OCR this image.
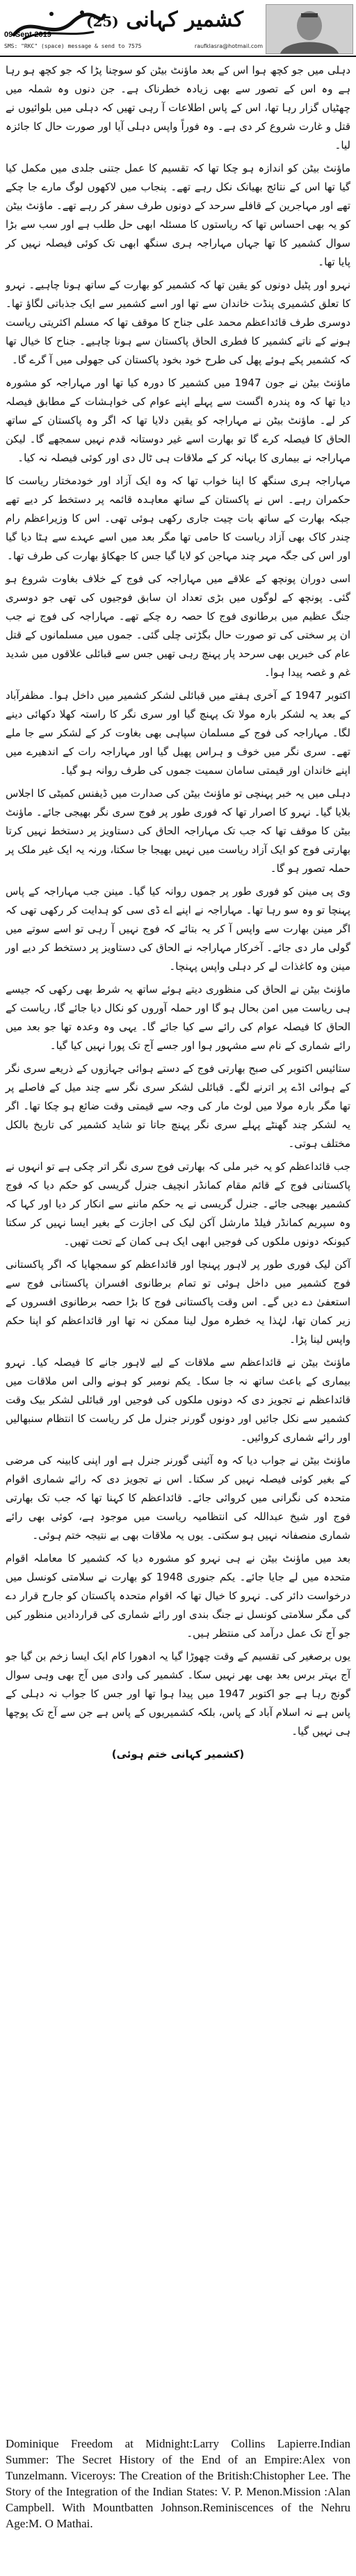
کشمیر کہانی (25)
SMS: "RKC" (space) message & send to 7575	raufklasra@hotmail.com
09-Sept-2019

دہلی میں جو کچھ ہوا اس کے بعد ماؤنٹ بیٹن کو سوچنا پڑا کہ جو کچھ ہو رہا ہے وہ اس کے تصور سے بھی زیادہ خطرناک ہے۔ جن دنوں وہ شملہ میں چھٹیاں گزار رہا تھا، اس کے پاس اطلاعات آ رہی تھیں کہ دہلی میں بلوائیوں نے قتل و غارت شروع کر دی ہے۔ وہ فوراً واپس دہلی آیا اور صورت حال کا جائزہ لیا۔

ماؤنٹ بیٹن کو اندازہ ہو چکا تھا کہ تقسیم کا عمل جتنی جلدی میں مکمل کیا گیا تھا اس کے نتائج بھیانک نکل رہے تھے۔ پنجاب میں لاکھوں لوگ مارے جا چکے تھے اور مہاجرین کے قافلے سرحد کے دونوں طرف سفر کر رہے تھے۔ ماؤنٹ بیٹن کو یہ بھی احساس تھا کہ ریاستوں کا مسئلہ ابھی حل طلب ہے اور سب سے بڑا سوال کشمیر کا تھا جہاں مہاراجہ ہری سنگھ ابھی تک کوئی فیصلہ نہیں کر پایا تھا۔

نہرو اور پٹیل دونوں کو یقین تھا کہ کشمیر کو بھارت کے ساتھ ہونا چاہیے۔ نہرو کا تعلق کشمیری پنڈت خاندان سے تھا اور اسے کشمیر سے ایک جذباتی لگاؤ تھا۔ دوسری طرف قائداعظم محمد علی جناح کا موقف تھا کہ مسلم اکثریتی ریاست ہونے کے ناتے کشمیر کا فطری الحاق پاکستان سے ہونا چاہیے۔ جناح کا خیال تھا کہ کشمیر پکے ہوئے پھل کی طرح خود بخود پاکستان کی جھولی میں آ گرے گا۔

ماؤنٹ بیٹن نے جون 1947 میں کشمیر کا دورہ کیا تھا اور مہاراجہ کو مشورہ دیا تھا کہ وہ پندرہ اگست سے پہلے اپنے عوام کی خواہشات کے مطابق فیصلہ کر لے۔ ماؤنٹ بیٹن نے مہاراجہ کو یقین دلایا تھا کہ اگر وہ پاکستان کے ساتھ الحاق کا فیصلہ کرے گا تو بھارت اسے غیر دوستانہ قدم نہیں سمجھے گا۔ لیکن مہاراجہ نے بیماری کا بہانہ کر کے ملاقات ہی ٹال دی اور کوئی فیصلہ نہ کیا۔

مہاراجہ ہری سنگھ کا اپنا خواب تھا کہ وہ ایک آزاد اور خودمختار ریاست کا حکمران رہے۔ اس نے پاکستان کے ساتھ معاہدہ قائمہ پر دستخط کر دیے تھے جبکہ بھارت کے ساتھ بات چیت جاری رکھی ہوئی تھی۔ اس کا وزیراعظم رام چندر کاک بھی آزاد ریاست کا حامی تھا مگر بعد میں اسے عہدے سے ہٹا دیا گیا اور اس کی جگہ مہر چند مہاجن کو لایا گیا جس کا جھکاؤ بھارت کی طرف تھا۔

اسی دوران پونچھ کے علاقے میں مہاراجہ کی فوج کے خلاف بغاوت شروع ہو گئی۔ پونچھ کے لوگوں میں بڑی تعداد ان سابق فوجیوں کی تھی جو دوسری جنگ عظیم میں برطانوی فوج کا حصہ رہ چکے تھے۔ مہاراجہ کی فوج نے جب ان پر سختی کی تو صورت حال بگڑتی چلی گئی۔ جموں میں مسلمانوں کے قتل عام کی خبریں بھی سرحد پار پہنچ رہی تھیں جس سے قبائلی علاقوں میں شدید غم و غصہ پیدا ہوا۔

اکتوبر 1947 کے آخری ہفتے میں قبائلی لشکر کشمیر میں داخل ہوا۔ مظفرآباد کے بعد یہ لشکر بارہ مولا تک پہنچ گیا اور سری نگر کا راستہ کھلا دکھائی دینے لگا۔ مہاراجہ کی فوج کے مسلمان سپاہی بھی بغاوت کر کے لشکر سے جا ملے تھے۔ سری نگر میں خوف و ہراس پھیل گیا اور مہاراجہ رات کے اندھیرے میں اپنے خاندان اور قیمتی سامان سمیت جموں کی طرف روانہ ہو گیا۔

دہلی میں یہ خبر پہنچی تو ماؤنٹ بیٹن کی صدارت میں ڈیفنس کمیٹی کا اجلاس بلایا گیا۔ نہرو کا اصرار تھا کہ فوری طور پر فوج سری نگر بھیجی جائے۔ ماؤنٹ بیٹن کا موقف تھا کہ جب تک مہاراجہ الحاق کی دستاویز پر دستخط نہیں کرتا بھارتی فوج کو ایک آزاد ریاست میں نہیں بھیجا جا سکتا، ورنہ یہ ایک غیر ملک پر حملہ تصور ہو گا۔

وی پی مینن کو فوری طور پر جموں روانہ کیا گیا۔ مینن جب مہاراجہ کے پاس پہنچا تو وہ سو رہا تھا۔ مہاراجہ نے اپنے اے ڈی سی کو ہدایت کر رکھی تھی کہ اگر مینن بھارت سے واپس آ کر یہ بتائے کہ فوج نہیں آ رہی تو اسے سوتے میں گولی مار دی جائے۔ آخرکار مہاراجہ نے الحاق کی دستاویز پر دستخط کر دیے اور مینن وہ کاغذات لے کر دہلی واپس پہنچا۔

ماؤنٹ بیٹن نے الحاق کی منظوری دیتے ہوئے ساتھ یہ شرط بھی رکھی کہ جیسے ہی ریاست میں امن بحال ہو گا اور حملہ آوروں کو نکال دیا جائے گا، ریاست کے الحاق کا فیصلہ عوام کی رائے سے کیا جائے گا۔ یہی وہ وعدہ تھا جو بعد میں رائے شماری کے نام سے مشہور ہوا اور جسے آج تک پورا نہیں کیا گیا۔

ستائیس اکتوبر کی صبح بھارتی فوج کے دستے ہوائی جہازوں کے ذریعے سری نگر کے ہوائی اڈے پر اترنے لگے۔ قبائلی لشکر سری نگر سے چند میل کے فاصلے پر تھا مگر بارہ مولا میں لوٹ مار کی وجہ سے قیمتی وقت ضائع ہو چکا تھا۔ اگر یہ لشکر چند گھنٹے پہلے سری نگر پہنچ جاتا تو شاید کشمیر کی تاریخ بالکل مختلف ہوتی۔

جب قائداعظم کو یہ خبر ملی کہ بھارتی فوج سری نگر اتر چکی ہے تو انہوں نے پاکستانی فوج کے قائم مقام کمانڈر انچیف جنرل گریسی کو حکم دیا کہ فوج کشمیر بھیجی جائے۔ جنرل گریسی نے یہ حکم ماننے سے انکار کر دیا اور کہا کہ وہ سپریم کمانڈر فیلڈ مارشل آکن لیک کی اجازت کے بغیر ایسا نہیں کر سکتا کیونکہ دونوں ملکوں کی فوجیں ابھی ایک ہی کمان کے تحت تھیں۔

آکن لیک فوری طور پر لاہور پہنچا اور قائداعظم کو سمجھایا کہ اگر پاکستانی فوج کشمیر میں داخل ہوئی تو تمام برطانوی افسران پاکستانی فوج سے استعفیٰ دے دیں گے۔ اس وقت پاکستانی فوج کا بڑا حصہ برطانوی افسروں کے زیر کمان تھا، لہٰذا یہ خطرہ مول لینا ممکن نہ تھا اور قائداعظم کو اپنا حکم واپس لینا پڑا۔

ماؤنٹ بیٹن نے قائداعظم سے ملاقات کے لیے لاہور جانے کا فیصلہ کیا۔ نہرو بیماری کے باعث ساتھ نہ جا سکا۔ یکم نومبر کو ہونے والی اس ملاقات میں قائداعظم نے تجویز دی کہ دونوں ملکوں کی فوجیں اور قبائلی لشکر بیک وقت کشمیر سے نکل جائیں اور دونوں گورنر جنرل مل کر ریاست کا انتظام سنبھالیں اور رائے شماری کروائیں۔

ماؤنٹ بیٹن نے جواب دیا کہ وہ آئینی گورنر جنرل ہے اور اپنی کابینہ کی مرضی کے بغیر کوئی فیصلہ نہیں کر سکتا۔ اس نے تجویز دی کہ رائے شماری اقوام متحدہ کی نگرانی میں کروائی جائے۔ قائداعظم کا کہنا تھا کہ جب تک بھارتی فوج اور شیخ عبداللہ کی انتظامیہ ریاست میں موجود ہے، کوئی بھی رائے شماری منصفانہ نہیں ہو سکتی۔ یوں یہ ملاقات بھی بے نتیجہ ختم ہوئی۔

بعد میں ماؤنٹ بیٹن نے ہی نہرو کو مشورہ دیا کہ کشمیر کا معاملہ اقوام متحدہ میں لے جایا جائے۔ یکم جنوری 1948 کو بھارت نے سلامتی کونسل میں درخواست دائر کی۔ نہرو کا خیال تھا کہ اقوام متحدہ پاکستان کو جارح قرار دے گی مگر سلامتی کونسل نے جنگ بندی اور رائے شماری کی قراردادیں منظور کیں جو آج تک عمل درآمد کی منتظر ہیں۔

یوں برصغیر کی تقسیم کے وقت چھوڑا گیا یہ ادھورا کام ایک ایسا زخم بن گیا جو آج بہتر برس بعد بھی بھر نہیں سکا۔ کشمیر کی وادی میں آج بھی وہی سوال گونج رہا ہے جو اکتوبر 1947 میں پیدا ہوا تھا اور جس کا جواب نہ دہلی کے پاس ہے نہ اسلام آباد کے پاس، بلکہ کشمیریوں کے پاس ہے جن سے آج تک پوچھا ہی نہیں گیا۔

(کشمیر کہانی ختم ہوئی)

Dominique Freedom at Midnight:Larry Collins Lapierre.Indian Summer: The Secret History of the End of an Empire:Alex von Tunzelmann. Viceroys: The Creation of the British:Chistopher Lee. The Story of the Integration of the Indian States: V. P. Menon.Mission :Alan Campbell. With Mountbatten Johnson.Reminiscences of the Nehru Age:M. O Mathai.
